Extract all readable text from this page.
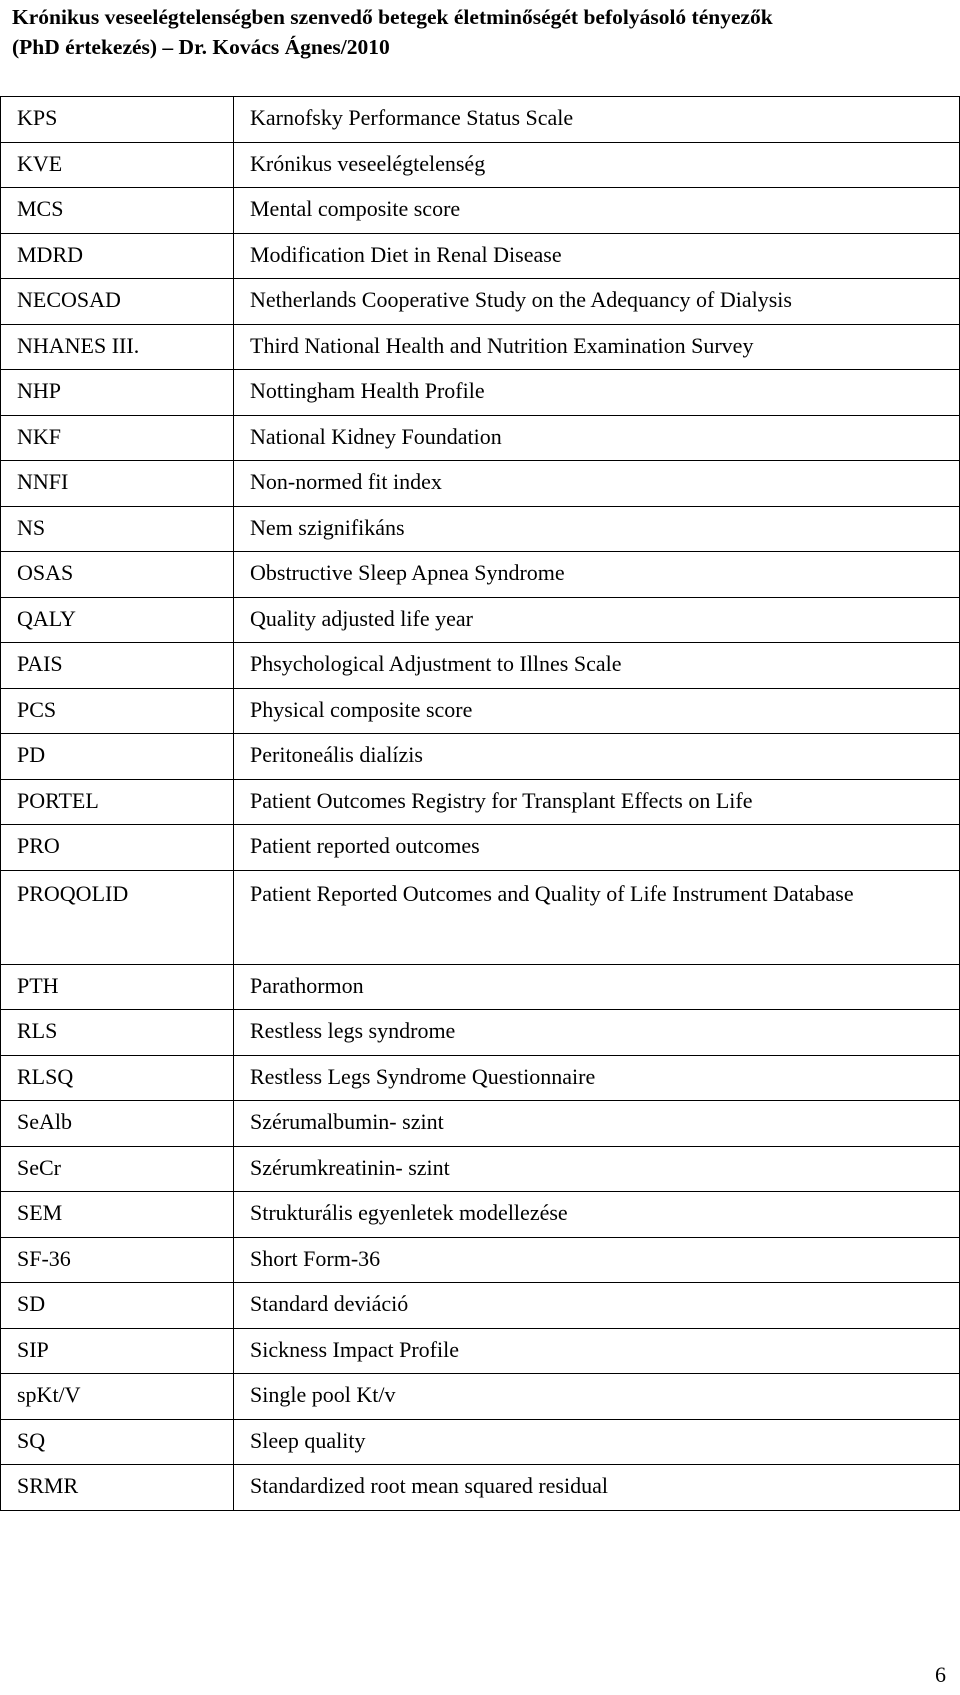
Krónikus veseelégtelenségben szenvedő betegek életminőségét befolyásoló tényezők
(PhD értekezés) – Dr. Kovács Ágnes/2010
KPS	Karnofsky Performance Status Scale
KVE	Krónikus veseelégtelenség
MCS	Mental composite score
MDRD	Modification Diet in Renal Disease
NECOSAD	Netherlands Cooperative Study on the Adequancy of Dialysis
NHANES III.	Third National Health and Nutrition Examination Survey
NHP	Nottingham Health Profile
NKF	National Kidney Foundation
NNFI	Non-normed fit index
NS	Nem szignifikáns
OSAS	Obstructive Sleep Apnea Syndrome
QALY	Quality adjusted life year
PAIS	Phsychological Adjustment to Illnes Scale
PCS	Physical composite score
PD	Peritoneális dialízis
PORTEL	Patient Outcomes Registry for Transplant Effects on Life
PRO	Patient reported outcomes
PROQOLID	Patient Reported Outcomes and Quality of Life Instrument Database
PTH	Parathormon
RLS	Restless legs syndrome
RLSQ	Restless Legs Syndrome Questionnaire
SeAlb	Szérumalbumin- szint
SeCr	Szérumkreatinin- szint
SEM	Strukturális egyenletek modellezése
SF-36	Short Form-36
SD	Standard deviáció
SIP	Sickness Impact Profile
spKt/V	Single pool Kt/v
SQ	Sleep quality
SRMR	Standardized root mean squared residual
6
